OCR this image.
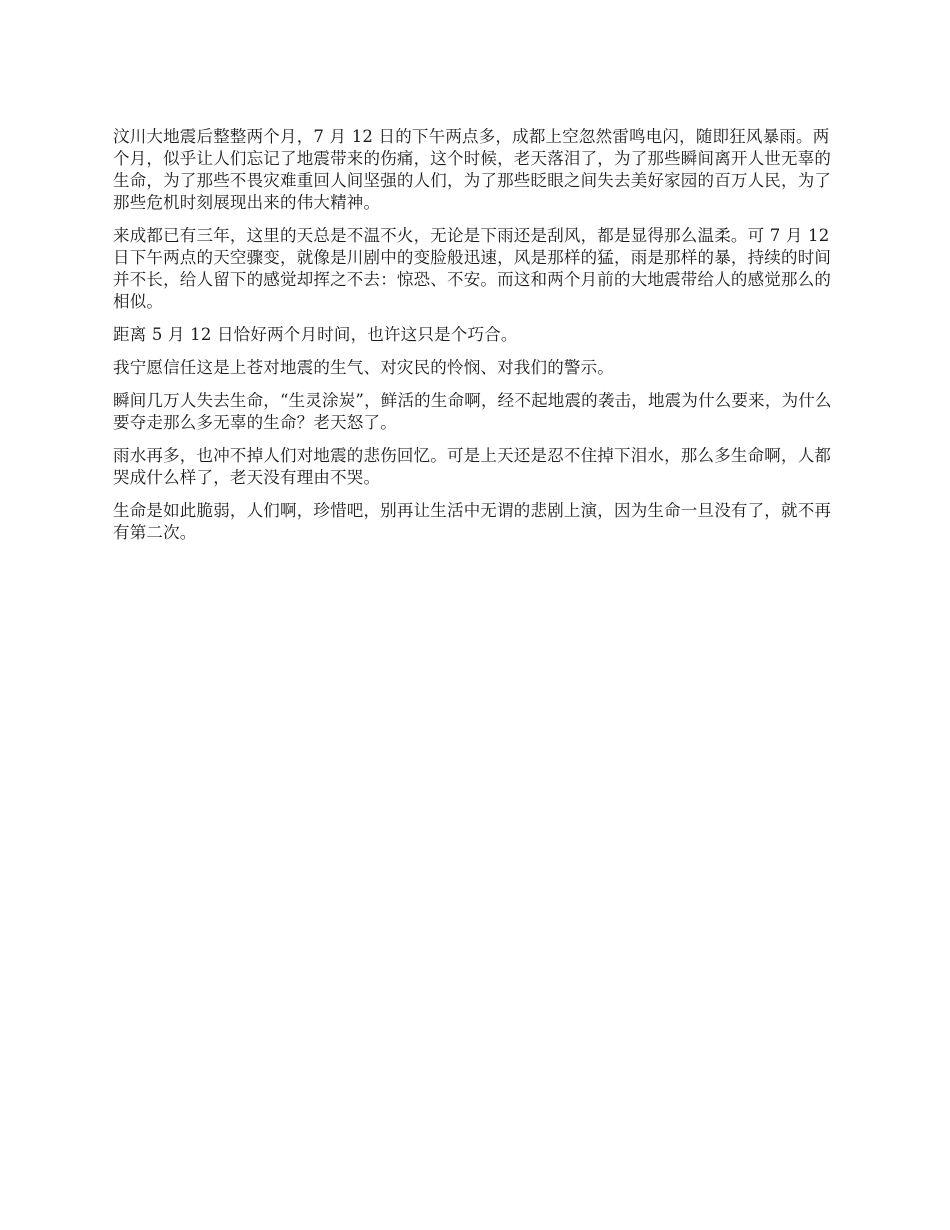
汶川大地震后整整两个月，7 月 12 日的下午两点多，成都上空忽然雷鸣电闪，随即狂风暴雨。两个月，似乎让人们忘记了地震带来的伤痛，这个时候，老天落泪了，为了那些瞬间离开人世无辜的生命，为了那些不畏灾难重回人间坚强的人们，为了那些眨眼之间失去美好家园的百万人民，为了那些危机时刻展现出来的伟大精神。

来成都已有三年，这里的天总是不温不火，无论是下雨还是刮风，都是显得那么温柔。可 7 月 12 日下午两点的天空骤变，就像是川剧中的变脸般迅速，风是那样的猛，雨是那样的暴，持续的时间并不长，给人留下的感觉却挥之不去：惊恐、不安。而这和两个月前的大地震带给人的感觉那么的相似。

距离 5 月 12 日恰好两个月时间，也许这只是个巧合。

我宁愿信任这是上苍对地震的生气、对灾民的怜悯、对我们的警示。

瞬间几万人失去生命，“生灵涂炭”，鲜活的生命啊，经不起地震的袭击，地震为什么要来，为什么要夺走那么多无辜的生命？老天怒了。

雨水再多，也冲不掉人们对地震的悲伤回忆。可是上天还是忍不住掉下泪水，那么多生命啊，人都哭成什么样了，老天没有理由不哭。

生命是如此脆弱，人们啊，珍惜吧，别再让生活中无谓的悲剧上演，因为生命一旦没有了，就不再有第二次。
